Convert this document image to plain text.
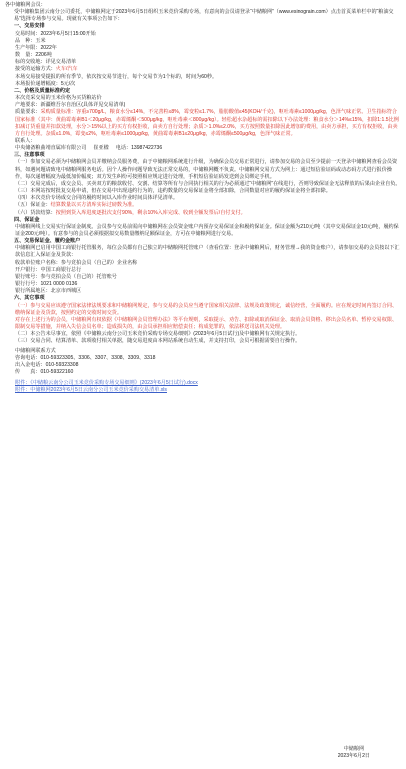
各中储粮网会员：

受中储粮集团云南分公司委托，中储粮网定于2023年6月5日组织玉米竞价采购专场，有意向的会员请登录“中储粮网”（www.esinograin.com）点击首页菜单栏中的“粮油交易”选择专场参与交易。现就有关事项公告如下：

一、交易安排

交易时间：2023年6月5日15:00开始

品　种：玉米

生产年限：2022年

数　量：2206吨

标的交收地：详见交易清单

接受的运输方式：火车/汽车

本场交易接受提报的所有季节，依次按交易节进行，每个交易节为1个标的，时间为60秒。

本场报价递增幅度：5元/次

二、价格及质量标准约定

本次竞采交易的玉米价格为买货粮站价

产地要求：新疆维吾尔自治区(具体详见交易清单)

质量要求：采购质量标准：容重≥700g/L，粮食水分≤14%，不完善粒≤8%，霉变粒≤1.7%，脂肪酸值≤45(KOH/千克)，呕吐毒素≤1000μg/kg，色泽气味正常。卫生指标符合国家标准（其中：黄曲霉毒素B1＜20μg/kg，赤霉烯酮＜500μg/kg，呕吐毒素＜800μg/kg）。轻松超水杂超标的需扣除以下办法处理：粮食水分＞14%≤15%，扣除1:1.5比例扣减订货重量并扣款处理，水分＞15%以上的买方有权拒收，由卖方自行处理；杂质＞1.0%≤2.0%，买方按照数量扣除因此增加的费用，由卖方承担，买方有权拒收，由卖方自行处理。杂质≤1.0%，霉变≤2%，呕吐毒素≤1000μg/kg，黄曲霉毒素B1≤20μg/kg，赤霉烯酮≤500μg/kg，色泽气味正常。

联系人：

中央储备粮曲靖直属库有限公司 崔亚楹 电话：13987422736

三、注意事项

（一）参加交易必须为中储粮网会员并缴纳会员服务费，由于中储粮网系统进行升级，为确保会员交易正常进行，请参加交易的会员至少提前一天登录中储粮网查看会员资料，如遇问题请致电中储粮网服务电话。因个人操作问题导致无法正常交易的，中储粮网概不负责。中储粮网交易方式为网上：通过短信验证码或动态码方式进行报价操作，每次递增幅度为最低加价幅度；双方发生纠纷可按照相应规定进行处理，手机短信验证码发送到会员绑定手机。

（二）交易完成后，成交会员、买卖双方的粮款收付、交割、结算等所有与合同执行相关的行为必须通过“中储粮网”在线进行，否则导致保证金无法释放的后果由企业自负。

（三）本网站按时批复交易申请，但在交易中出现违约行为的，违约数量的交易保证金将全部扣除，合同数量对应的履约保证金将全部扣除。

（四）本次竞价专场成交合同的履约时间以入库作业时间具体详见清单。

（五）保证金：结算数量以买方清库实际过磅数为准。

（六）货款结算：按照到货入库进度逐批次支付90%，剩余10%入库完成、收到全额发票后/自付支付。

四、保证金

中储粮网线上交易实行保证金制度。会员参与交易前需向中储粮网在会员资金账户内预存交易保证金和履约保证金。保证金额为210元/吨（其中交易保证金10元/吨，履约保证金200元/吨）。有意参与的会员必须根据拟交易数量缴纳足额保证金，方可在中储粮网进行交易。

五、交易保证金、履约金账户

中储粮网已启用中国工商银行托管服务，每位会员都有自己独立的中储粮网托管账户（查看位置：登录中储粮网后，财务管理→我的资金账户），请参加交易的会员按以下汇款信息汇入保证金及货款：

收款单位账户名称：参与竞拍会员（自己的）企业名称

开户银行：中国工商银行总行

银行账号：参与竞拍会员（自己的）托管账号

银行行号：1021 0000 0136

银行所属地区：北京市西城区

六、其它事项

（一）参与交易应该遵守国家法律法规要求和中储粮网规定，参与交易的会员应当遵守国家相关法律、法规及政策规定，诚信经营，全面履约。应在规定时间内签订合同、缴纳保证金及货款，按照约定的交收时间交货。

对存在上述行为的会员，中储粮网有权依据《中储粮网会员管理办法》等平台规则，采取提示、劝告、扣除或取消保证金、取消会员资格、移出会员名单、暂停交易权限、限制交易等措施，并纳入失信会员名单；造成损失的，由会员承担相应赔偿责任；构成犯罪的，依法移送司法机关处理。

（二）本公告未尽事宜，依照《中储粮云南分公司玉米竞价采购专场交易细则》(2023年6月5日试行)及中储粮网有关规定执行。

（三）交易合同、结算清单、款项收付相关单据，随交易进度由本网站系统自动生成，并支持打印，会员可根据需要自行操作。

中储粮网联系方式

咨询电话：010-59323305、3306、3307、3308、3309、3318

出入金电话：010-59323308

传　　真：010-59322160

附件：《中储粮云南分公司玉米竞价采购专场交易细则》(2023年6月5日试行).docx
附件：中储粮网2023年6月5日云南分公司玉米竞价采购交易清单.xls
中储粮网
2023年6月2日
